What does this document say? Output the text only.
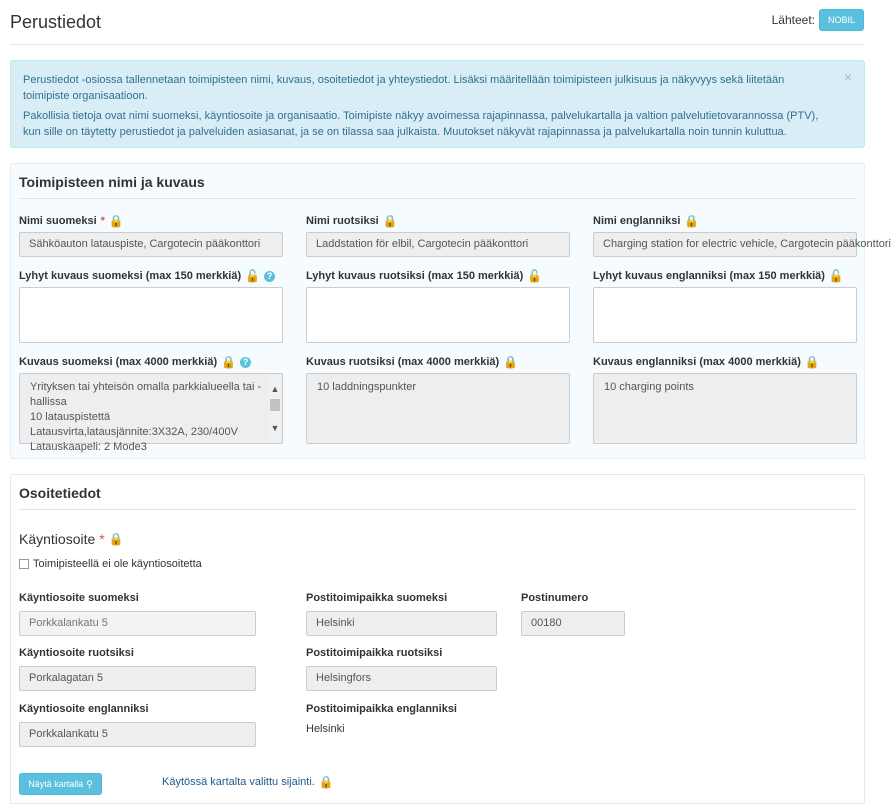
Perustiedot	Lähteet:	NOBIL

Perustiedot -osiossa tallennetaan toimipisteen nimi, kuvaus, osoitetiedot ja yhteystiedot. Lisäksi määritellään toimipisteen julkisuus ja näkyvyys sekä liitetään toimipiste organisaatioon.

Pakollisia tietoja ovat nimi suomeksi, käyntiosoite ja organisaatio. Toimipiste näkyy avoimessa rajapinnassa, palvelukartalla ja valtion palvelutietovarannossa (PTV), kun sille on täytetty perustiedot ja palveluiden asiasanat, ja se on tilassa saa julkaista. Muutokset näkyvät rajapinnassa ja palvelukartalla noin tunnin kuluttua.

×
Toimipisteen nimi ja kuvaus
Nimi suomeksi * 🔒
Sähköauton latauspiste, Cargotecin pääkonttori
Nimi ruotsiksi 🔒
Laddstation för elbil, Cargotecin pääkonttori
Nimi englanniksi 🔒
Charging station for electric vehicle, Cargotecin pääkonttori
Lyhyt kuvaus suomeksi (max 150 merkkiä) 🔓 ?	Lyhyt kuvaus ruotsiksi (max 150 merkkiä) 🔓	Lyhyt kuvaus englanniksi (max 150 merkkiä) 🔓
Kuvaus suomeksi (max 4000 merkkiä) 🔒 ?
Yrityksen tai yhteisön omalla parkkialueella tai -hallissa
10 latauspistettä
Latausvirta,latausjännite:3X32A, 230/400V
Latauskaapeli: 2 Mode3
▲
▼
Kuvaus ruotsiksi (max 4000 merkkiä) 🔒
10 laddningspunkter
Kuvaus englanniksi (max 4000 merkkiä) 🔒
10 charging points
Osoitetiedot
Käyntiosoite * 🔒
Toimipisteellä ei ole käyntiosoitetta
Käyntiosoite suomeksi
Porkkalankatu 5
Postitoimipaikka suomeksi
Helsinki
Postinumero
00180
Käyntiosoite ruotsiksi
Porkalagatan 5
Postitoimipaikka ruotsiksi
Helsingfors
Käyntiosoite englanniksi
Porkkalankatu 5
Postitoimipaikka englanniksi
Helsinki
Näytä kartalla ⚲	Käytössä kartalta valittu sijainti. 🔒
